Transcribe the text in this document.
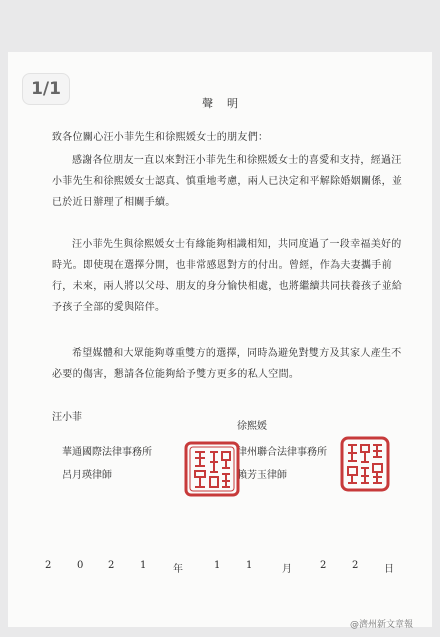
1/1
聲明

致各位關心汪小菲先生和徐熙媛女士的朋友們：

感謝各位朋友一直以來對汪小菲先生和徐熙媛女士的喜愛和支持，經過汪小菲先生和徐熙媛女士認真、慎重地考慮，兩人已決定和平解除婚姻關係，並已於近日辦理了相關手續。

汪小菲先生與徐熙媛女士有緣能夠相識相知，共同度過了一段幸福美好的時光。即使現在選擇分開，也非常感恩對方的付出。曾經，作為夫妻攜手前行，未來，兩人將以父母、朋友的身分愉快相處，也將繼續共同扶養孩子並給予孩子全部的愛與陪伴。

希望媒體和大眾能夠尊重雙方的選擇，同時為避免對雙方及其家人產生不必要的傷害，懇請各位能夠給予雙方更多的私人空間。

汪小菲
華通國際法律事務所
呂月瑛律師
徐熙媛
律州聯合法律事務所
賴芳玉律師
2	0 2	1	年	1	1	月	2	2	日
@濟州新文章報
